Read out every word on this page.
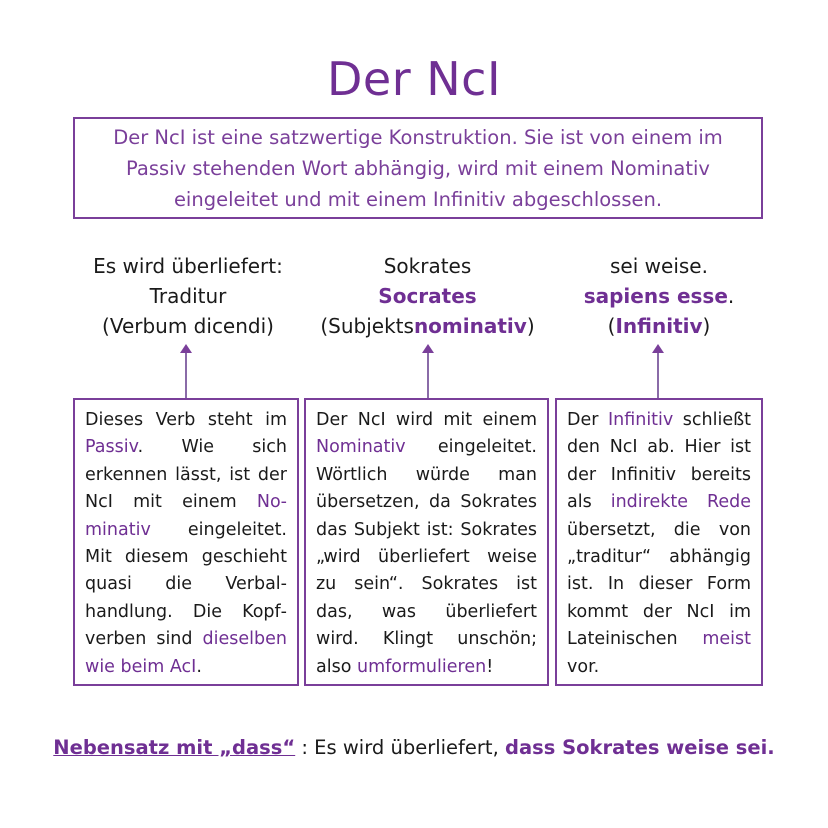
Der NcI
Der NcI ist eine satzwertige Konstruktion. Sie ist von einem im Passiv stehenden Wort abhängig, wird mit einem Nominativ eingeleitet und mit einem Infinitiv abgeschlossen.
Es wird überliefert:
Traditur
(Verbum dicendi)
Sokrates
Socrates
(Subjektsnominativ)
sei weise.
sapiens esse.
(Infinitiv)
Dieses Verb steht im Passiv. Wie sich erkennen lässt, ist der NcI mit einem Nominativ eingeleitet. Mit diesem geschieht quasi die Verbalhandlung. Die Kopfverben sind dieselben wie beim AcI.
Der NcI wird mit einem Nominativ eingeleitet. Wörtlich würde man übersetzen, da Sokrates das Subjekt ist: Sokrates „wird überliefert weise zu sein“. Sokrates ist das, was überliefert wird. Klingt unschön; also umformulieren!
Der Infinitiv schließt den NcI ab. Hier ist der Infinitiv bereits als indirekte Rede übersetzt, die von „traditur“ abhängig ist. In dieser Form kommt der NcI im Lateinischen meist vor.
Nebensatz mit „dass“ : Es wird überliefert, dass Sokrates weise sei.
